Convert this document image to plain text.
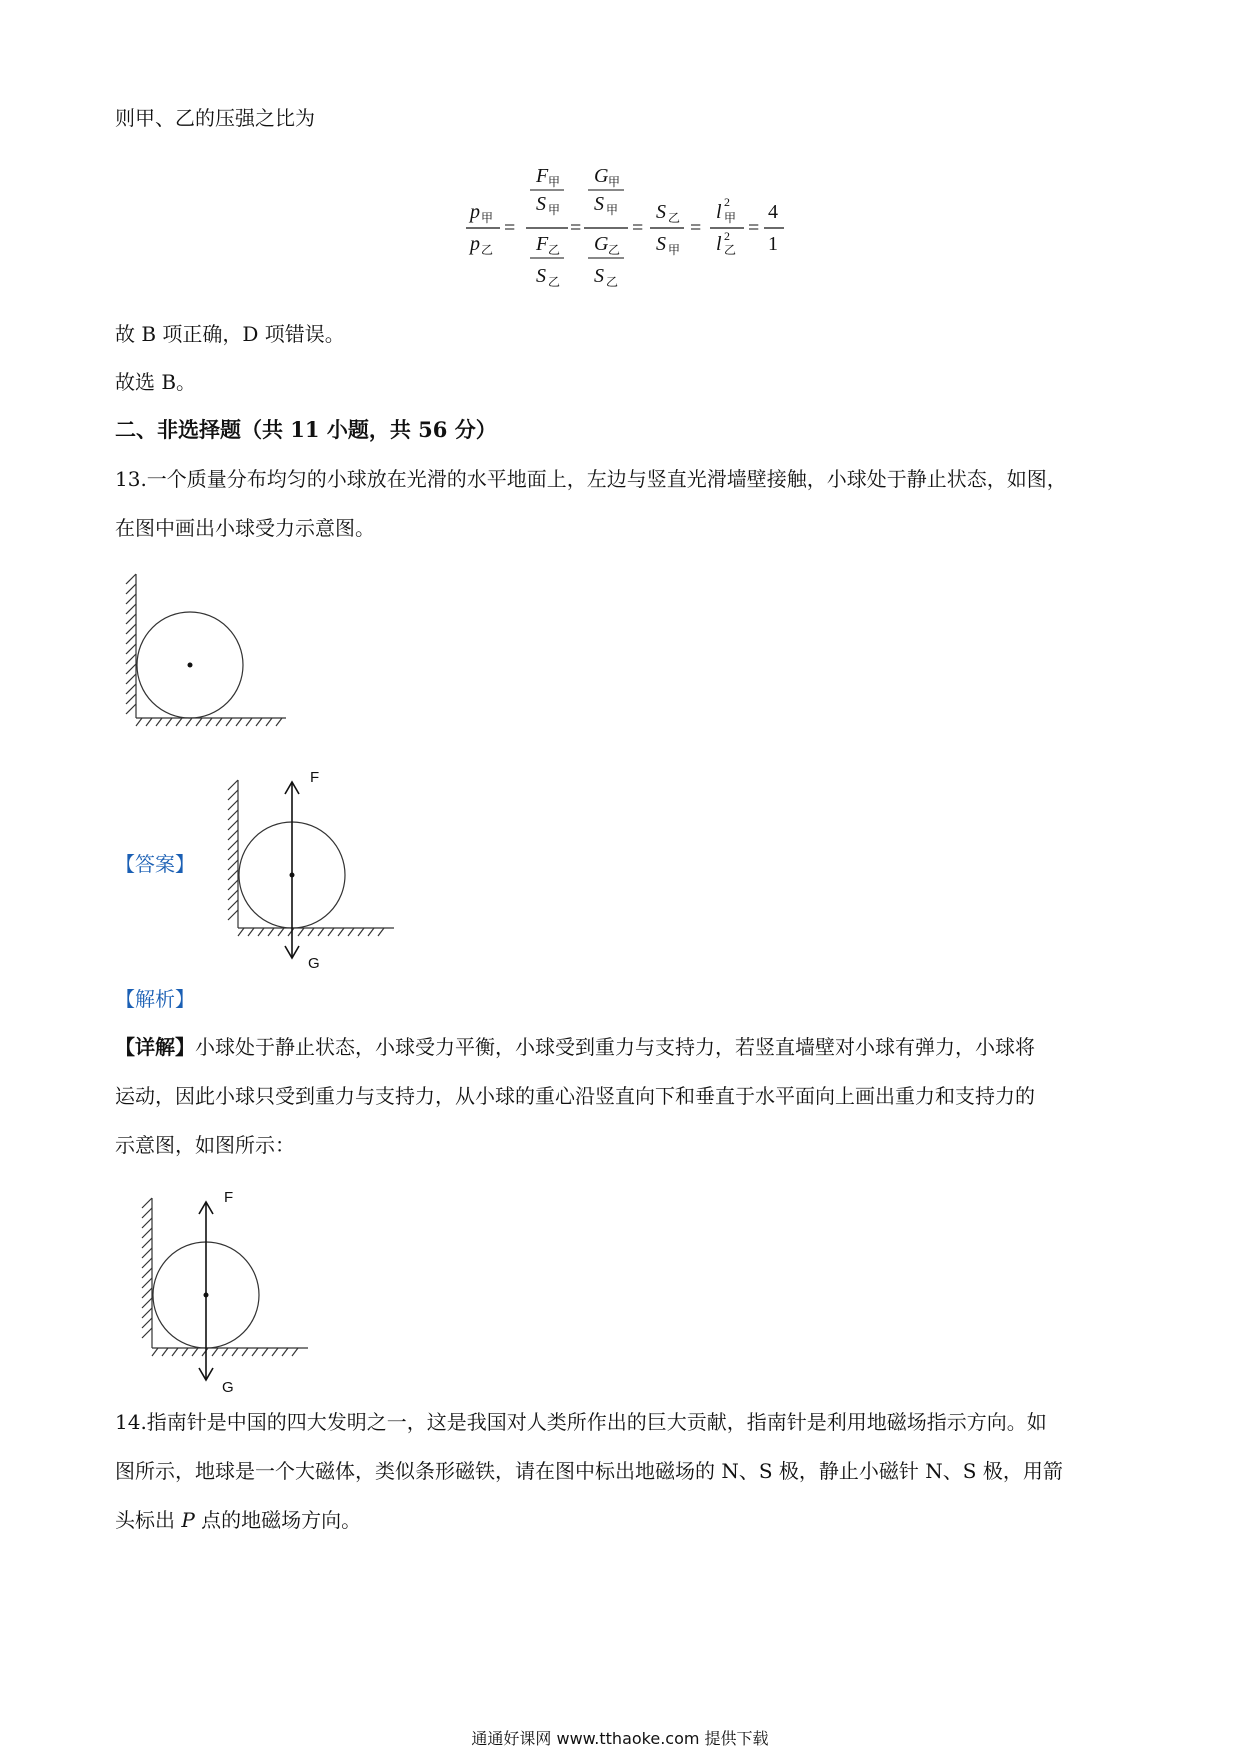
则甲、乙的压强之比为
p 甲
p 乙
=
F 甲
S 甲
F 乙
S 乙
=
G 甲
S 甲
G 乙
S 乙
=
S 乙
S 甲
=
l 2
甲
l 2
乙
=
4
1
故 B 项正确，D 项错误。
故选 B。
二、非选择题（共 11 小题，共 56 分）
13.一个质量分布均匀的小球放在光滑的水平地面上，左边与竖直光滑墙壁接触，小球处于静止状态，如图，
在图中画出小球受力示意图。
【答案】
F
G
【解析】
【详解】小球处于静止状态，小球受力平衡，小球受到重力与支持力，若竖直墙壁对小球有弹力，小球将
运动，因此小球只受到重力与支持力，从小球的重心沿竖直向下和垂直于水平面向上画出重力和支持力的
示意图，如图所示：
F
G
14.指南针是中国的四大发明之一，这是我国对人类所作出的巨大贡献，指南针是利用地磁场指示方向。如
图所示，地球是一个大磁体，类似条形磁铁，请在图中标出地磁场的 N、S 极，静止小磁针 N、S 极，用箭
头标出 P 点的地磁场方向。
通通好课网 www.tthaoke.com 提供下载
